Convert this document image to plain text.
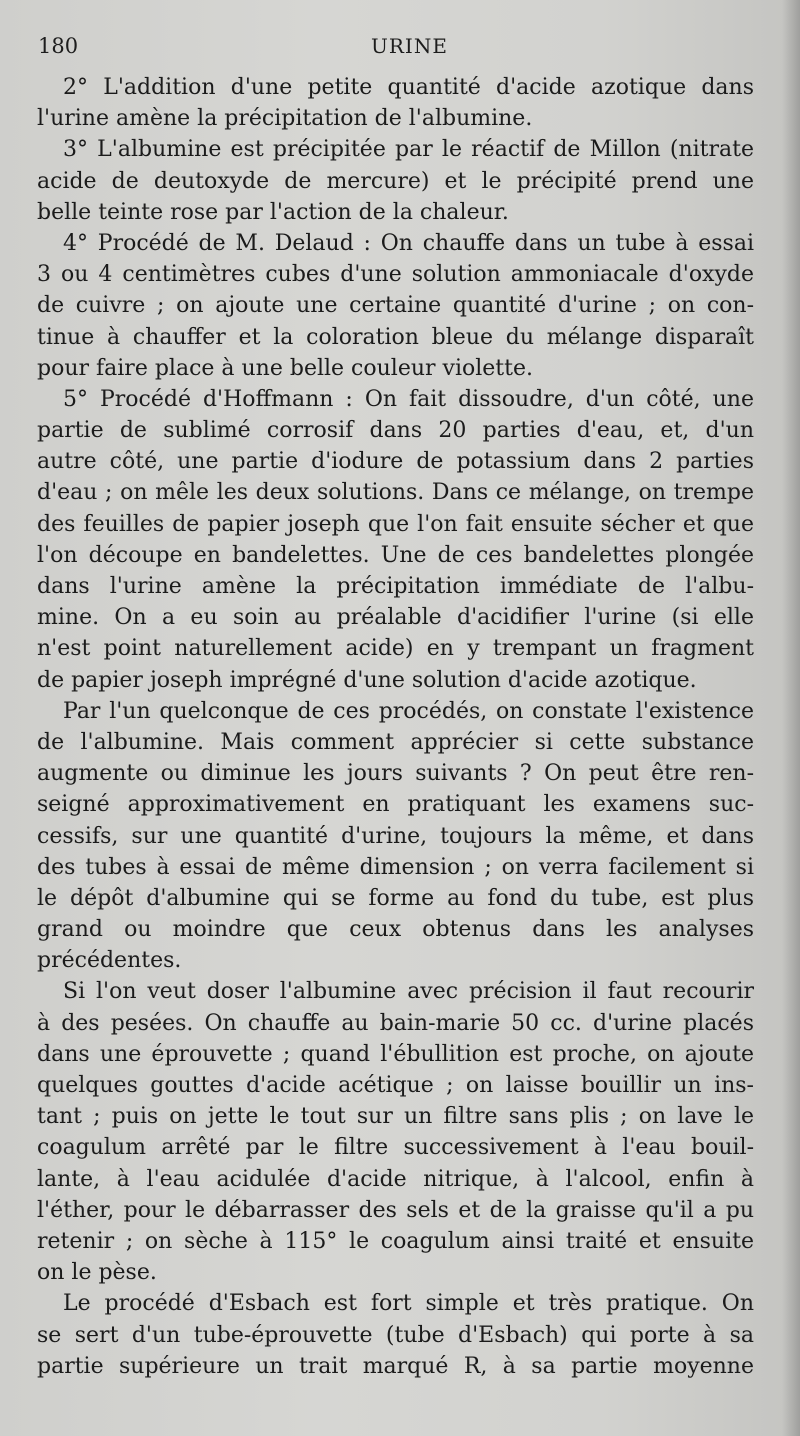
180	URINE
2° L'addition d'une petite quantité d'acide azotique dans
l'urine amène la précipitation de l'albumine.
3° L'albumine est précipitée par le réactif de Millon (nitrate
acide de deutoxyde de mercure) et le précipité prend une
belle teinte rose par l'action de la chaleur.
4° Procédé de M. Delaud : On chauffe dans un tube à essai
3 ou 4 centimètres cubes d'une solution ammoniacale d'oxyde
de cuivre ; on ajoute une certaine quantité d'urine ; on con-
tinue à chauffer et la coloration bleue du mélange disparaît
pour faire place à une belle couleur violette.
5° Procédé d'Hoffmann : On fait dissoudre, d'un côté, une
partie de sublimé corrosif dans 20 parties d'eau, et, d'un
autre côté, une partie d'iodure de potassium dans 2 parties
d'eau ; on mêle les deux solutions. Dans ce mélange, on trempe
des feuilles de papier joseph que l'on fait ensuite sécher et que
l'on découpe en bandelettes. Une de ces bandelettes plongée
dans l'urine amène la précipitation immédiate de l'albu-
mine. On a eu soin au préalable d'acidifier l'urine (si elle
n'est point naturellement acide) en y trempant un fragment
de papier joseph imprégné d'une solution d'acide azotique.
Par l'un quelconque de ces procédés, on constate l'existence
de l'albumine. Mais comment apprécier si cette substance
augmente ou diminue les jours suivants ? On peut être ren-
seigné approximativement en pratiquant les examens suc-
cessifs, sur une quantité d'urine, toujours la même, et dans
des tubes à essai de même dimension ; on verra facilement si
le dépôt d'albumine qui se forme au fond du tube, est plus
grand ou moindre que ceux obtenus dans les analyses
précédentes.
Si l'on veut doser l'albumine avec précision il faut recourir
à des pesées. On chauffe au bain-marie 50 cc. d'urine placés
dans une éprouvette ; quand l'ébullition est proche, on ajoute
quelques gouttes d'acide acétique ; on laisse bouillir un ins-
tant ; puis on jette le tout sur un filtre sans plis ; on lave le
coagulum arrêté par le filtre successivement à l'eau bouil-
lante, à l'eau acidulée d'acide nitrique, à l'alcool, enfin à
l'éther, pour le débarrasser des sels et de la graisse qu'il a pu
retenir ; on sèche à 115° le coagulum ainsi traité et ensuite
on le pèse.
Le procédé d'Esbach est fort simple et très pratique. On
se sert d'un tube-éprouvette (tube d'Esbach) qui porte à sa
partie supérieure un trait marqué R, à sa partie moyenne
